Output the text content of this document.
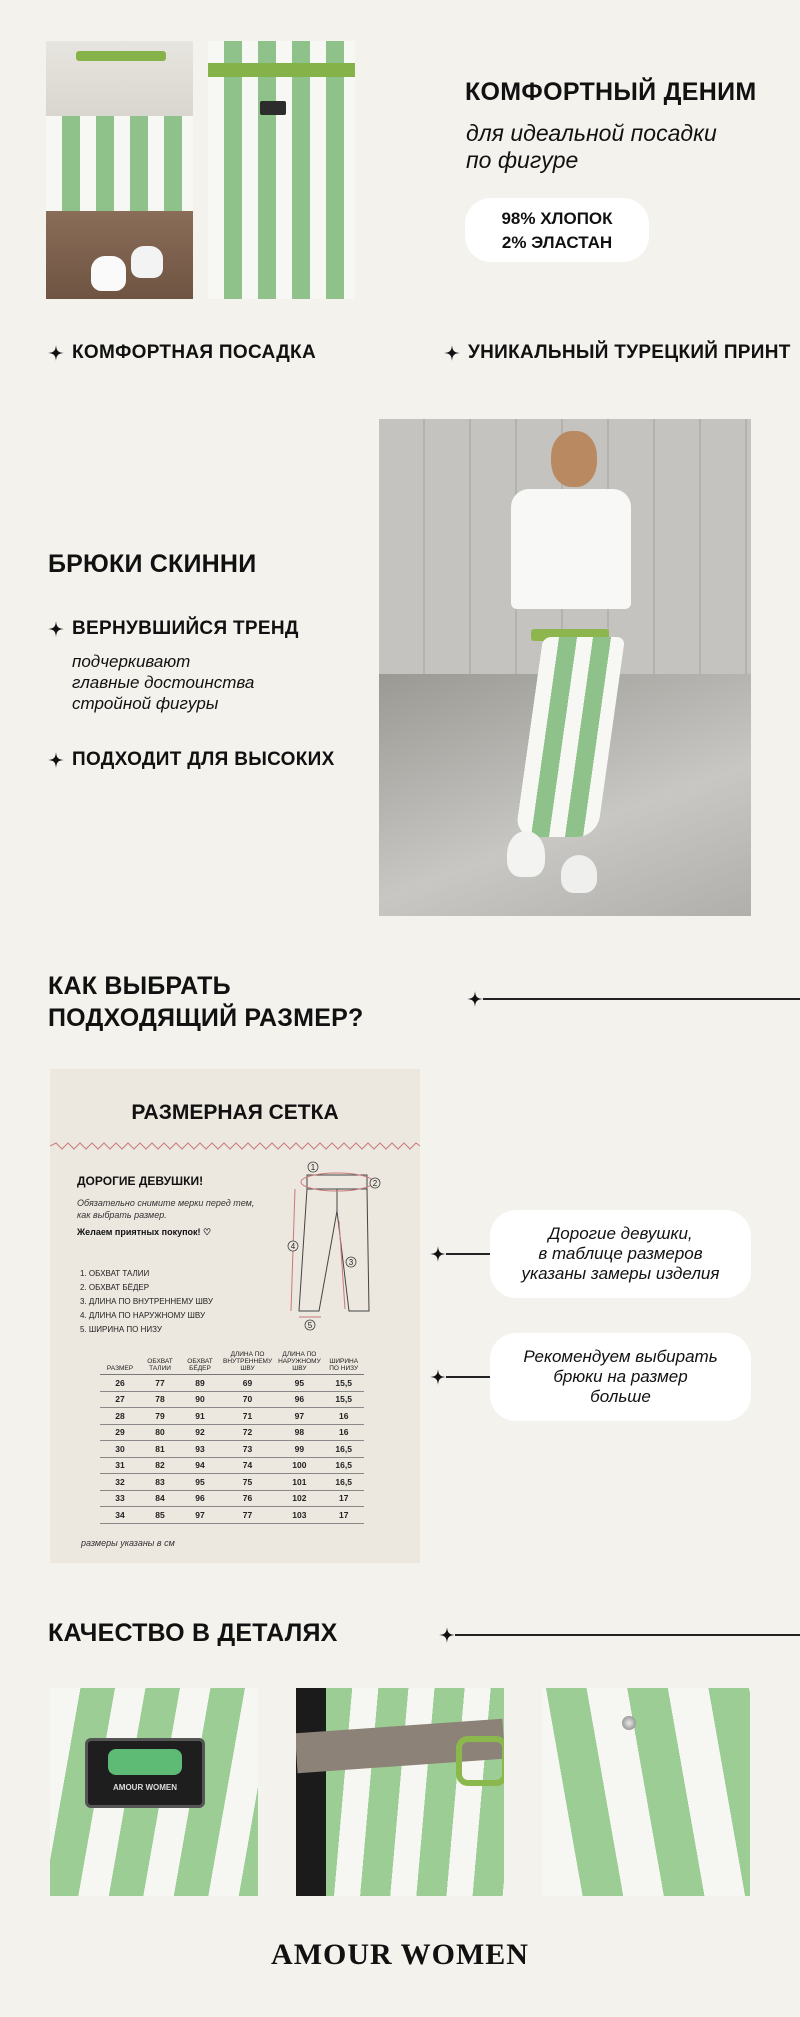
КОМФОРТНЫЙ ДЕНИМ
для идеальной посадки
по фигуре
98% ХЛОПОК
2% ЭЛАСТАН
КОМФОРТНАЯ ПОСАДКА	УНИКАЛЬНЫЙ ТУРЕЦКИЙ ПРИНТ
БРЮКИ СКИННИ
ВЕРНУВШИЙСЯ ТРЕНД
подчеркивают
главные достоинства
стройной фигуры
ПОДХОДИТ ДЛЯ ВЫСОКИХ
КАК ВЫБРАТЬ
ПОДХОДЯЩИЙ РАЗМЕР?
РАЗМЕРНАЯ СЕТКА
ДОРОГИЕ ДЕВУШКИ!
Обязательно снимите мерки перед тем,
как выбрать размер.
Желаем приятных покупок! ♡
1. ОБХВАТ ТАЛИИ
2. ОБХВАТ БЁДЕР
3. ДЛИНА ПО ВНУТРЕННЕМУ ШВУ
4. ДЛИНА ПО НАРУЖНОМУ ШВУ
5. ШИРИНА ПО НИЗУ
1
2
3
4
5
РАЗМЕР	ОБХВАТ ТАЛИИ	ОБХВАТ БЁДЕР	ДЛИНА ПО ВНУТРЕННЕМУ ШВУ	ДЛИНА ПО НАРУЖНОМУ ШВУ	ШИРИНА ПО НИЗУ
26	77	89	69	95	15,5
27	78	90	70	96	15,5
28	79	91	71	97	16
29	80	92	72	98	16
30	81	93	73	99	16,5
31	82	94	74	100	16,5
32	83	95	75	101	16,5
33	84	96	76	102	17
34	85	97	77	103	17
размеры указаны в см
Дорогие девушки,
в таблице размеров
указаны замеры изделия
Рекомендуем выбирать
брюки на размер
больше
КАЧЕСТВО В ДЕТАЛЯХ
AMOUR WOMEN
AMOUR WOMEN
